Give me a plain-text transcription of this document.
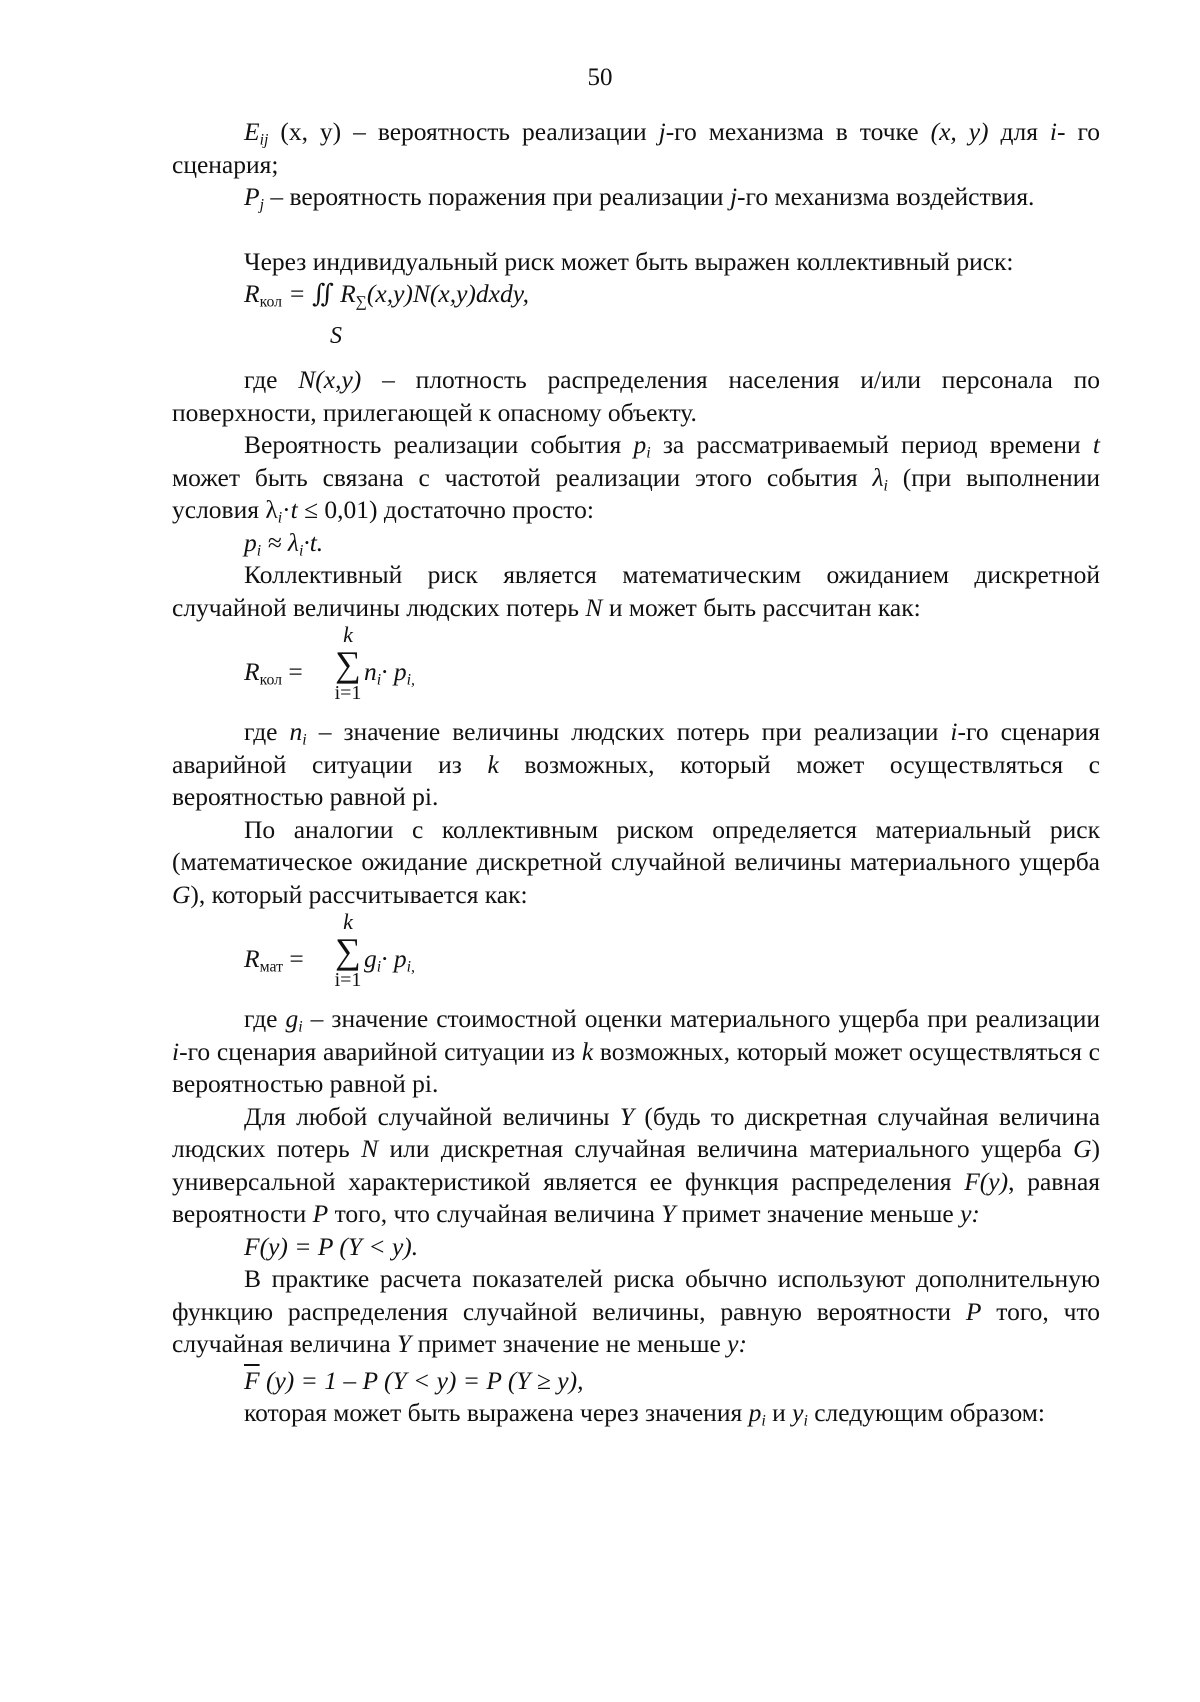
50

$E_{ij}$ (x, y) – вероятность реализации j-го механизма в точке (x, y) для i- го сценария;

$P_j$ – вероятность поражения при реализации j-го механизма воздействия.

Через индивидуальный риск может быть выражен коллективный риск:

$R_{кол}$ = ∬ $R_\sum(x,y)N(x,y)dxdy$,
S

где N(x,y) – плотность распределения населения и/или персонала по поверхности, прилегающей к опасному объекту.

Вероятность реализации события $p_i$ за рассматриваемый период времени t может быть связана с частотой реализации этого события $\lambda_i$ (при выполнении условия $\lambda_i\cdot t \le 0,01$) достаточно просто:

$p_i \approx \lambda_i\cdot t$.

Коллективный риск является математическим ожиданием дискретной случайной величины людских потерь N и может быть рассчитан как:

$R_{кол}$ =
k
∑
i=1
$n_i\cdot p_{i,}$

где $n_i$ – значение величины людских потерь при реализации i-го сценария аварийной ситуации из k возможных, который может осуществляться с вероятностью равной pi.

По аналогии с коллективным риском определяется материальный риск (математическое ожидание дискретной случайной величины материального ущерба G), который рассчитывается как:

$R_{мат}$ =
k
∑
i=1
$g_i\cdot p_{i,}$

где $g_i$ – значение стоимостной оценки материального ущерба при реализации i-го сценария аварийной ситуации из k возможных, который может осуществляться с вероятностью равной pi.

Для любой случайной величины Y (будь то дискретная случайная величина людских потерь N или дискретная случайная величина материального ущерба G) универсальной характеристикой является ее функция распределения F(y), равная вероятности P того, что случайная величина Y примет значение меньше y:

F(y) = P (Y < y).

В практике расчета показателей риска обычно используют дополнительную функцию распределения случайной величины, равную вероятности P того, что случайная величина Y примет значение не меньше y:

$\overline{F}$ (y) = 1 – P (Y < y) = P (Y ≥ y),

которая может быть выражена через значения $p_i$ и $y_i$ следующим образом:
